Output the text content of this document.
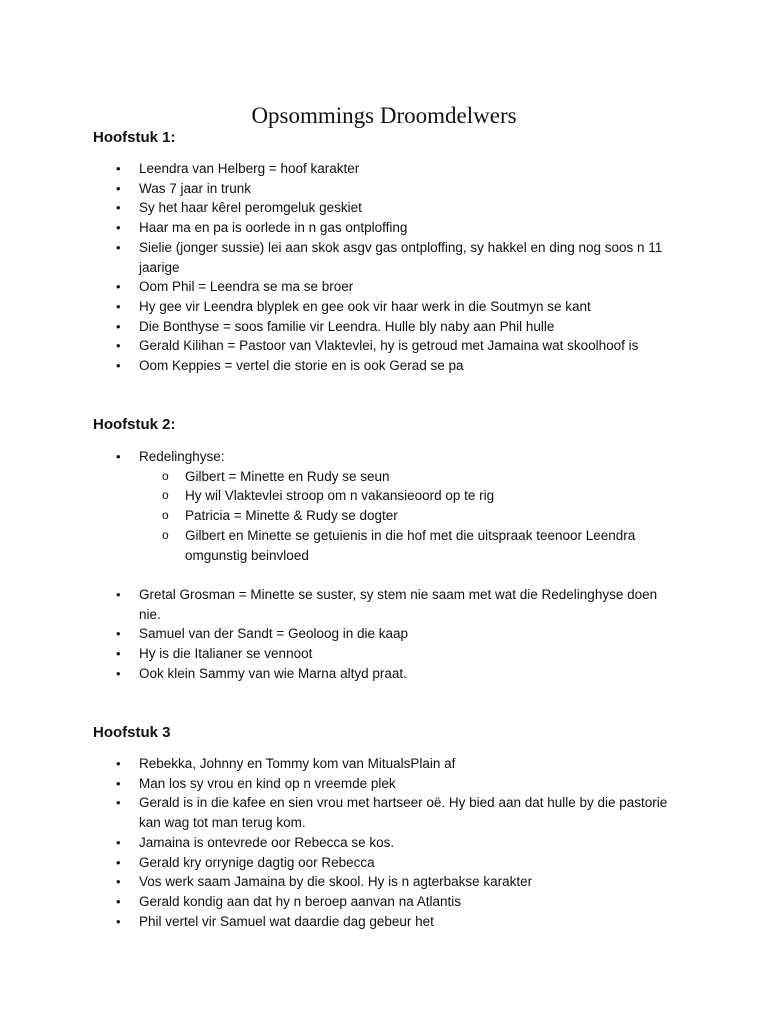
Opsommings Droomdelwers
Hoofstuk 1:
• Leendra van Helberg = hoof karakter
• Was 7 jaar in trunk
• Sy het haar kêrel peromgeluk geskiet
• Haar ma en pa is oorlede in n gas ontploffing
• Sielie (jonger sussie) lei aan skok asgv gas ontploffing, sy hakkel en ding nog soos n 11 jaarige
• Oom Phil = Leendra se ma se broer
• Hy gee vir Leendra blyplek en gee ook vir haar werk in die Soutmyn se kant
• Die Bonthyse = soos familie vir Leendra. Hulle bly naby aan Phil hulle
• Gerald Kilihan = Pastoor van Vlaktevlei, hy is getroud met Jamaina wat skoolhoof is
• Oom Keppies = vertel die storie en is ook Gerad se pa
Hoofstuk 2:
• Redelinghyse:
o Gilbert = Minette en Rudy se seun
o Hy wil Vlaktevlei stroop om n vakansieoord op te rig
o Patricia = Minette & Rudy se dogter
o Gilbert en Minette se getuienis in die hof met die uitspraak teenoor Leendra omgunstig beinvloed
• Gretal Grosman = Minette se suster, sy stem nie saam met wat die Redelinghyse doen nie.
• Samuel van der Sandt = Geoloog in die kaap
• Hy is die Italianer se vennoot
• Ook klein Sammy van wie Marna altyd praat.
Hoofstuk 3
• Rebekka, Johnny en Tommy kom van MitualsPlain af
• Man los sy vrou en kind op n vreemde plek
• Gerald is in die kafee en sien vrou met hartseer oë. Hy bied aan dat hulle by die pastorie kan wag tot man terug kom.
• Jamaina is ontevrede oor Rebecca se kos.
• Gerald kry orrynige dagtig oor Rebecca
• Vos werk saam Jamaina by die skool. Hy is n agterbakse karakter
• Gerald kondig aan dat hy n beroep aanvan na Atlantis
• Phil vertel vir Samuel wat daardie dag gebeur het
